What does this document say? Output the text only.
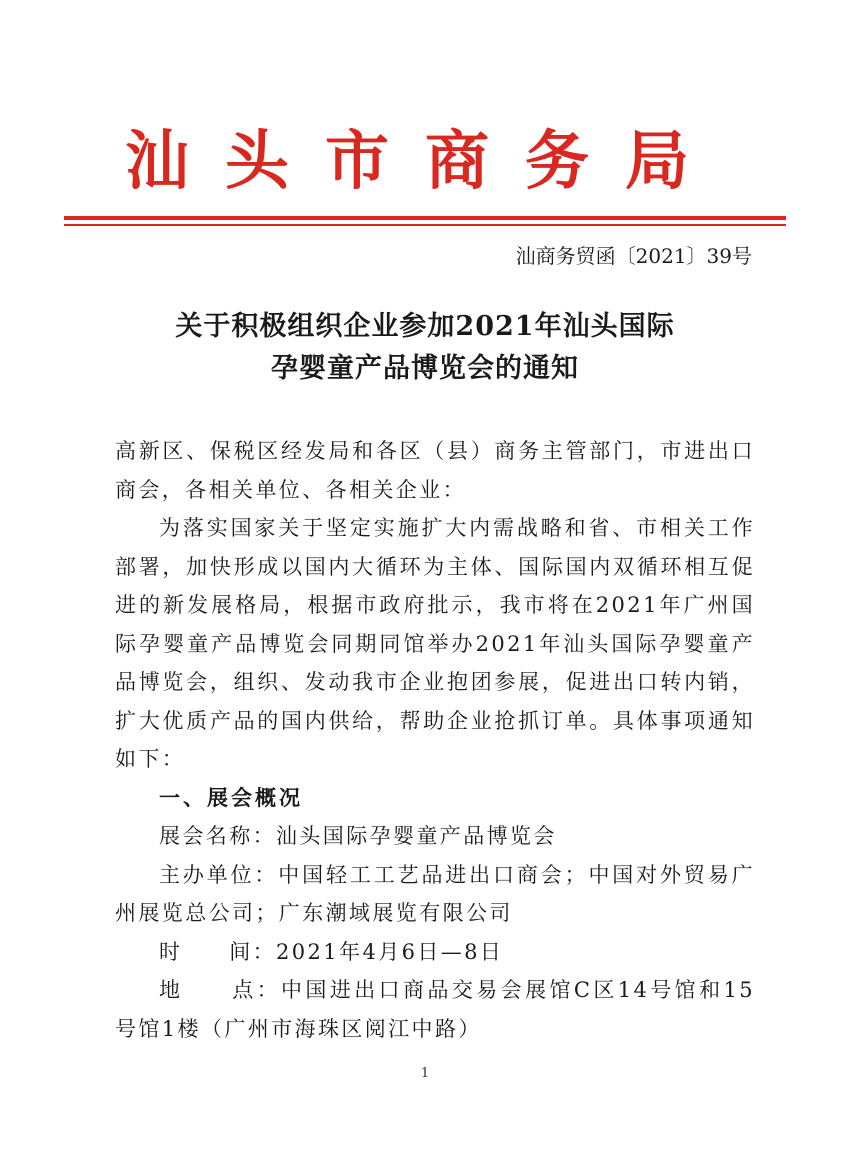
汕头市商务局
汕商务贸函〔2021〕39号
关于积极组织企业参加2021年汕头国际
孕婴童产品博览会的通知

高新区、保税区经发局和各区（县）商务主管部门，市进出口商会，各相关单位、各相关企业：

为落实国家关于坚定实施扩大内需战略和省、市相关工作部署，加快形成以国内大循环为主体、国际国内双循环相互促进的新发展格局，根据市政府批示，我市将在2021年广州国际孕婴童产品博览会同期同馆举办2021年汕头国际孕婴童产品博览会，组织、发动我市企业抱团参展，促进出口转内销，扩大优质产品的国内供给，帮助企业抢抓订单。具体事项通知如下：

一、展会概况

展会名称：汕头国际孕婴童产品博览会

主办单位：中国轻工工艺品进出口商会；中国对外贸易广州展览总公司；广东潮域展览有限公司

时　　间：2021年4月6日—8日

地　　点：中国进出口商品交易会展馆C区14号馆和15号馆1楼（广州市海珠区阅江中路）

1
